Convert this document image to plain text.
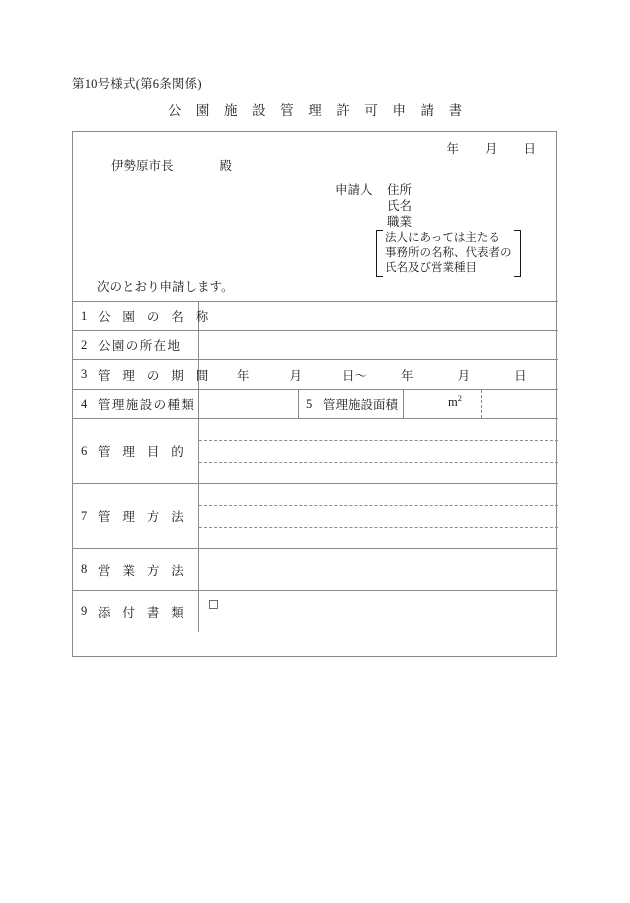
第10号様式(第6条関係)
公 園 施 設 管 理 許 可 申 請 書
年 月 日
伊勢原市長	殿
申請人	住所
氏名
職業
法人にあっては主たる
事務所の名称、代表者の
氏名及び営業種目
次のとおり申請します。
1 公 園 の 名 称
2 公園の所在地
3 管 理 の 期 間 年	月	日～	年	月	日
4 管理施設の種類	5 管理施設面積	$m^2$
6 管 理 目 的
7 管 理 方 法
8 営 業 方 法
9 添 付 書 類
